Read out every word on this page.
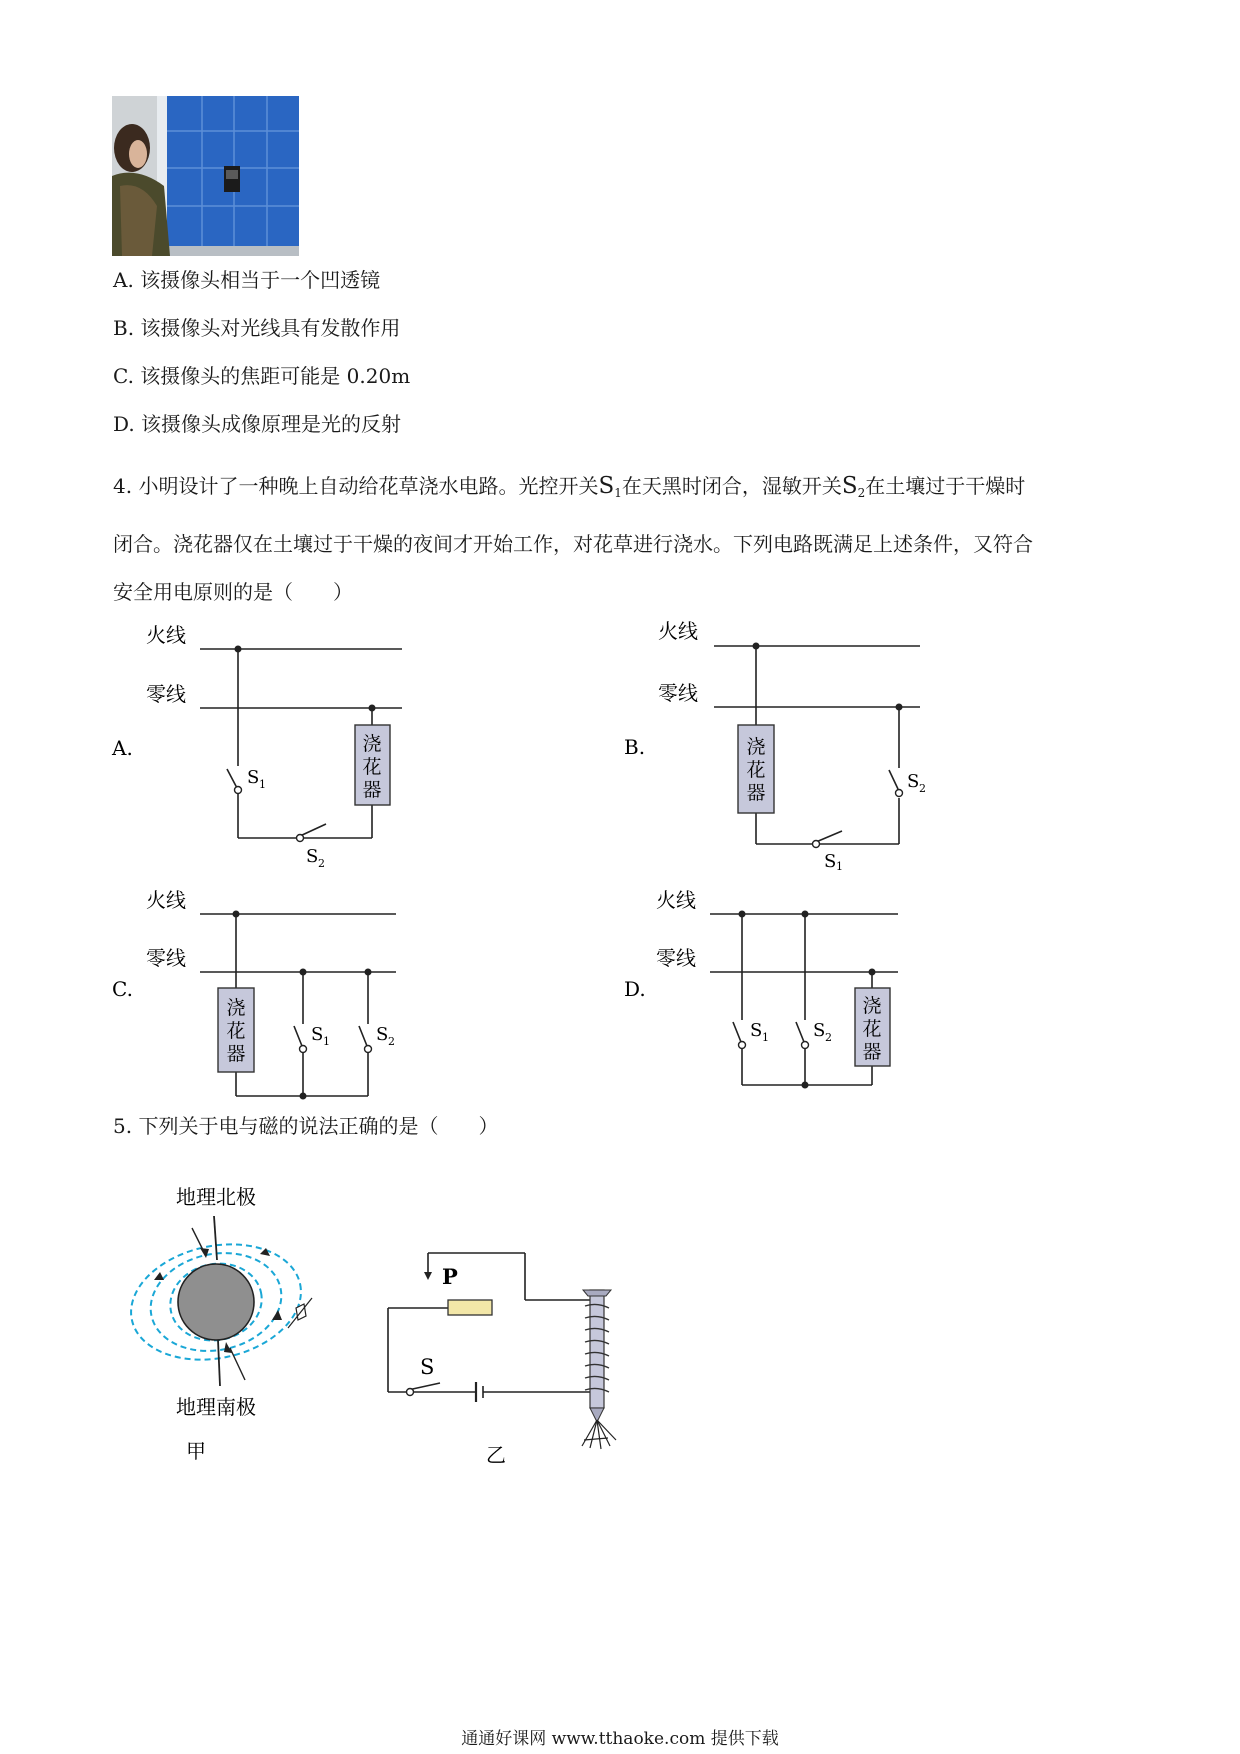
A. 该摄像头相当于一个凹透镜
B. 该摄像头对光线具有发散作用
C. 该摄像头的焦距可能是 0.20m
D. 该摄像头成像原理是光的反射
4. 小明设计了一种晚上自动给花草浇水电路。光控开关$S_1$在天黑时闭合，湿敏开关$S_2$在土壤过于干燥时
闭合。浇花器仅在土壤过于干燥的夜间才开始工作，对花草进行浇水。下列电路既满足上述条件，又符合
安全用电原则的是（　　）
A.
火线
零线
浇
花
器
S 1
S 2
B.
火线
零线
浇
花
器
S 2
S 1
C.
火线
零线
浇
花
器
S 1	S 2
D.
火线
零线
浇
花
器
S 1 S 2
5. 下列关于电与磁的说法正确的是（　　）
地理北极
地理南极
甲
P
S
乙
通通好课网 www.tthaoke.com 提供下载
